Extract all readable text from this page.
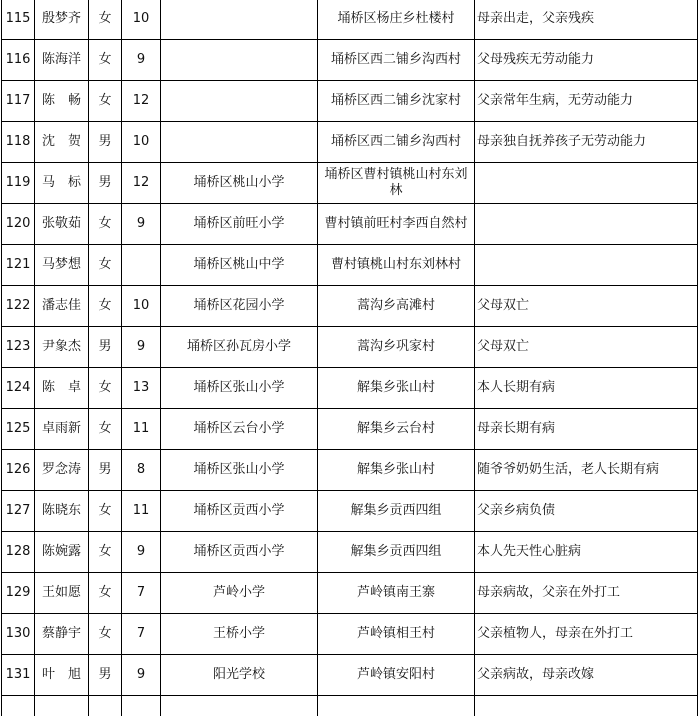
115	殷梦齐	女	10		埇桥区杨庄乡杜楼村	母亲出走，父亲残疾
116	陈海洋	女	9		埇桥区西二铺乡沟西村	父母残疾无劳动能力
117	陈　畅	女	12		埇桥区西二铺乡沈家村	父亲常年生病，无劳动能力
118	沈　贺	男	10		埇桥区西二铺乡沟西村	母亲独自抚养孩子无劳动能力
119	马　标	男	12	埇桥区桃山小学	埇桥区曹村镇桃山村东刘林	
120	张敬茹	女	9	埇桥区前旺小学	曹村镇前旺村李西自然村	
121	马梦想	女		埇桥区桃山中学	曹村镇桃山村东刘林村	
122	潘志佳	女	10	埇桥区花园小学	蒿沟乡高滩村	父母双亡
123	尹象杰	男	9	埇桥区孙瓦房小学	蒿沟乡巩家村	父母双亡
124	陈　卓	女	13	埇桥区张山小学	解集乡张山村	本人长期有病
125	卓雨新	女	11	埇桥区云台小学	解集乡云台村	母亲长期有病
126	罗念涛	男	8	埇桥区张山小学	解集乡张山村	随爷爷奶奶生活，老人长期有病
127	陈晓东	女	11	埇桥区贡西小学	解集乡贡西四组	父亲乡病负债
128	陈婉露	女	9	埇桥区贡西小学	解集乡贡西四组	本人先天性心脏病
129	王如愿	女	7	芦岭小学	芦岭镇南王寨	母亲病故，父亲在外打工
130	蔡静宇	女	7	王桥小学	芦岭镇相王村	父亲植物人，母亲在外打工
131	叶　旭	男	9	阳光学校	芦岭镇安阳村	父亲病故，母亲改嫁
